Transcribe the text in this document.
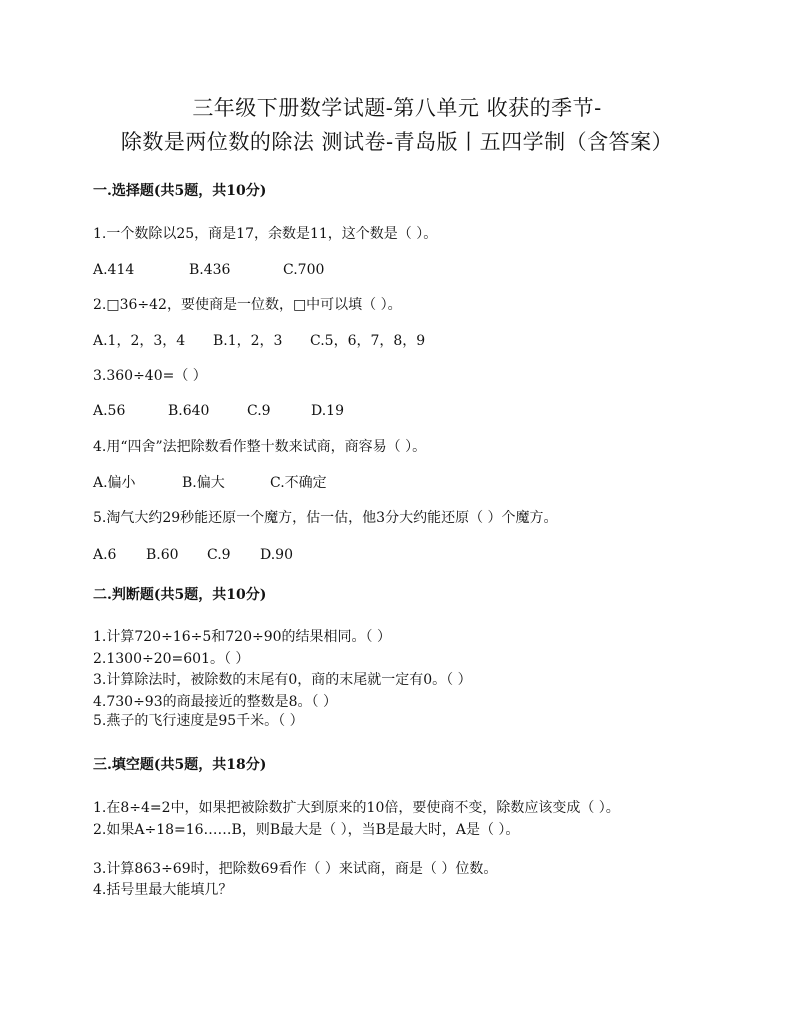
三年级下册数学试题-第八单元 收获的季节-
除数是两位数的除法 测试卷-青岛版丨五四学制（含答案）
一.选择题(共5题，共10分)
1.一个数除以25，商是17，余数是11，这个数是（ ）。
A.414	B.436	C.700
2.□36÷42，要使商是一位数，□中可以填（ ）。
A.1，2，3，4 B.1，2，3 C.5，6，7，8，9
3.360÷40=（ ）
A.56	B.640	C.9	D.19
4.用“四舍”法把除数看作整十数来试商，商容易（ ）。
A.偏小	B.偏大	C.不确定
5.淘气大约29秒能还原一个魔方，估一估，他3分大约能还原（ ）个魔方。
A.6 B.60 C.9 D.90
二.判断题(共5题，共10分)
1.计算720÷16÷5和720÷90的结果相同。（ ）
2.1300÷20=601。（ ）
3.计算除法时，被除数的末尾有0，商的末尾就一定有0。（ ）
4.730÷93的商最接近的整数是8。（ ）
5.燕子的飞行速度是95千米。（ ）
三.填空题(共5题，共18分)
1.在8÷4=2中，如果把被除数扩大到原来的10倍，要使商不变，除数应该变成（ ）。
2.如果A÷18=16……B，则B最大是（ ），当B是最大时，A是（ ）。
3.计算863÷69时，把除数69看作（ ）来试商，商是（ ）位数。
4.括号里最大能填几？
